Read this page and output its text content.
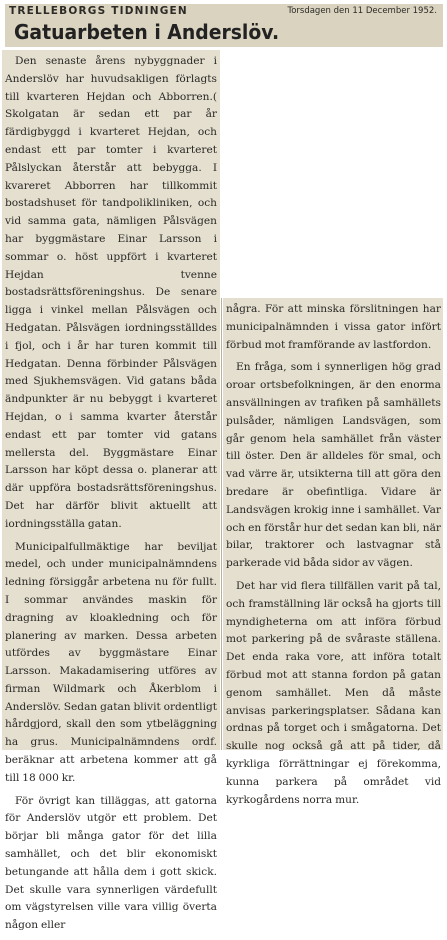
TRELLEBORGS TIDNINGEN	Torsdagen den 11 December 1952.
Gatuarbeten i Anderslöv.

Den senaste årens nybyggnader i Anderslöv har huvudsakligen förlagts till kvarteren Hejdan och Abborren.( Skolgatan är sedan ett par år färdigbyggd i kvarteret Hejdan, och endast ett par tomter i kvarteret Pålslyckan återstår att bebygga. I kvareret Abborren har tillkommit bostadshuset för tandpolikliniken, och vid samma gata, nämligen Pålsvägen har byggmästare Einar Larsson i sommar o. höst uppfört i kvarteret Hejdan tvenne bostadsrättsföreningshus. De senare ligga i vinkel mellan Pålsvägen och Hedgatan. Pålsvägen iordningsställdes i fjol, och i år har turen kommit till Hedgatan. Denna förbinder Pålsvägen med Sjukhemsvägen. Vid gatans båda ändpunkter är nu bebyggt i kvarteret Hejdan, o i samma kvarter återstår endast ett par tomter vid gatans mellersta del. Byggmästare Einar Larsson har köpt dessa o. planerar att där uppföra bostadsrättsföreningshus. Det har därför blivit aktuellt att iordningsställa gatan.

Municipalfullmäktige har beviljat medel, och under municipalnämndens ledning försiggår arbetena nu för fullt. I sommar användes maskin för dragning av kloakledning och för planering av marken. Dessa arbeten utfördes av byggmästare Einar Larsson. Makadamisering utföres av firman Wildmark och Åkerblom i Anderslöv. Sedan gatan blivit ordentligt hårdgjord, skall den som ytbeläggning ha grus. Municipalnämndens ordf. beräknar att arbetena kommer att gå till 18 000 kr.

För övrigt kan tilläggas, att gatorna för Anderslöv utgör ett problem. Det börjar bli många gator för det lilla samhället, och det blir ekonomiskt betungande att hålla dem i gott skick. Det skulle vara synnerligen värdefullt om vägstyrelsen ville vara villig överta någon eller

några. För att minska förslitningen har municipalnämnden i vissa gator infört förbud mot framförande av lastfordon.

En fråga, som i synnerligen hög grad oroar ortsbefolkningen, är den enorma ansvällningen av trafiken på samhällets pulsåder, nämligen Landsvägen, som går genom hela samhället från väster till öster. Den är alldeles för smal, och vad värre är, utsikterna till att göra den bredare är obefintliga. Vidare är Landsvägen krokig inne i samhället. Var och en förstår hur det sedan kan bli, när bilar, traktorer och lastvagnar stå parkerade vid båda sidor av vägen.

Det har vid flera tillfällen varit på tal, och framställning lär också ha gjorts till myndigheterna om att införa förbud mot parkering på de svåraste ställena. Det enda raka vore, att införa totalt förbud mot att stanna fordon på gatan genom samhället. Men då måste anvisas parkeringsplatser. Sådana kan ordnas på torget och i smågatorna. Det skulle nog också gå att på tider, då kyrkliga förrättningar ej förekomma, kunna parkera på området vid kyrkogårdens norra mur.
